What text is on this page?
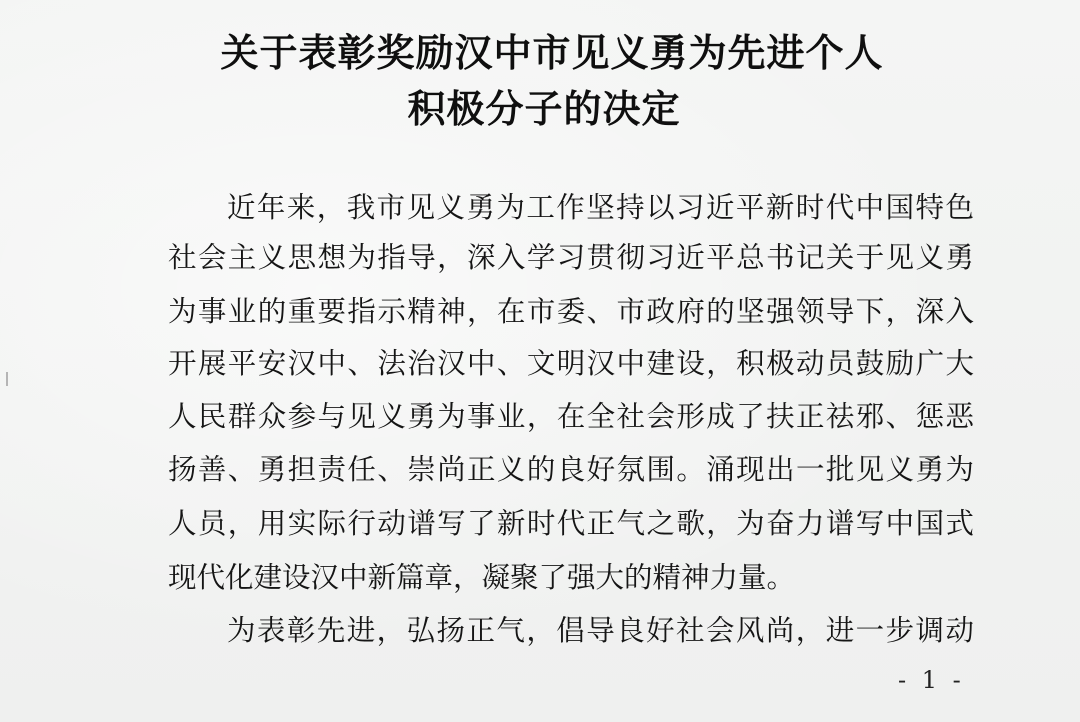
关于表彰奖励汉中市见义勇为先进个人
积极分子的决定
近年来，我市见义勇为工作坚持以习近平新时代中国特色
社会主义思想为指导，深入学习贯彻习近平总书记关于见义勇
为事业的重要指示精神，在市委、市政府的坚强领导下，深入
开展平安汉中、法治汉中、文明汉中建设，积极动员鼓励广大
人民群众参与见义勇为事业，在全社会形成了扶正祛邪、惩恶
扬善、勇担责任、崇尚正义的良好氛围。涌现出一批见义勇为
人员，用实际行动谱写了新时代正气之歌，为奋力谱写中国式
现代化建设汉中新篇章，凝聚了强大的精神力量。
为表彰先进，弘扬正气，倡导良好社会风尚，进一步调动
- 1 -
